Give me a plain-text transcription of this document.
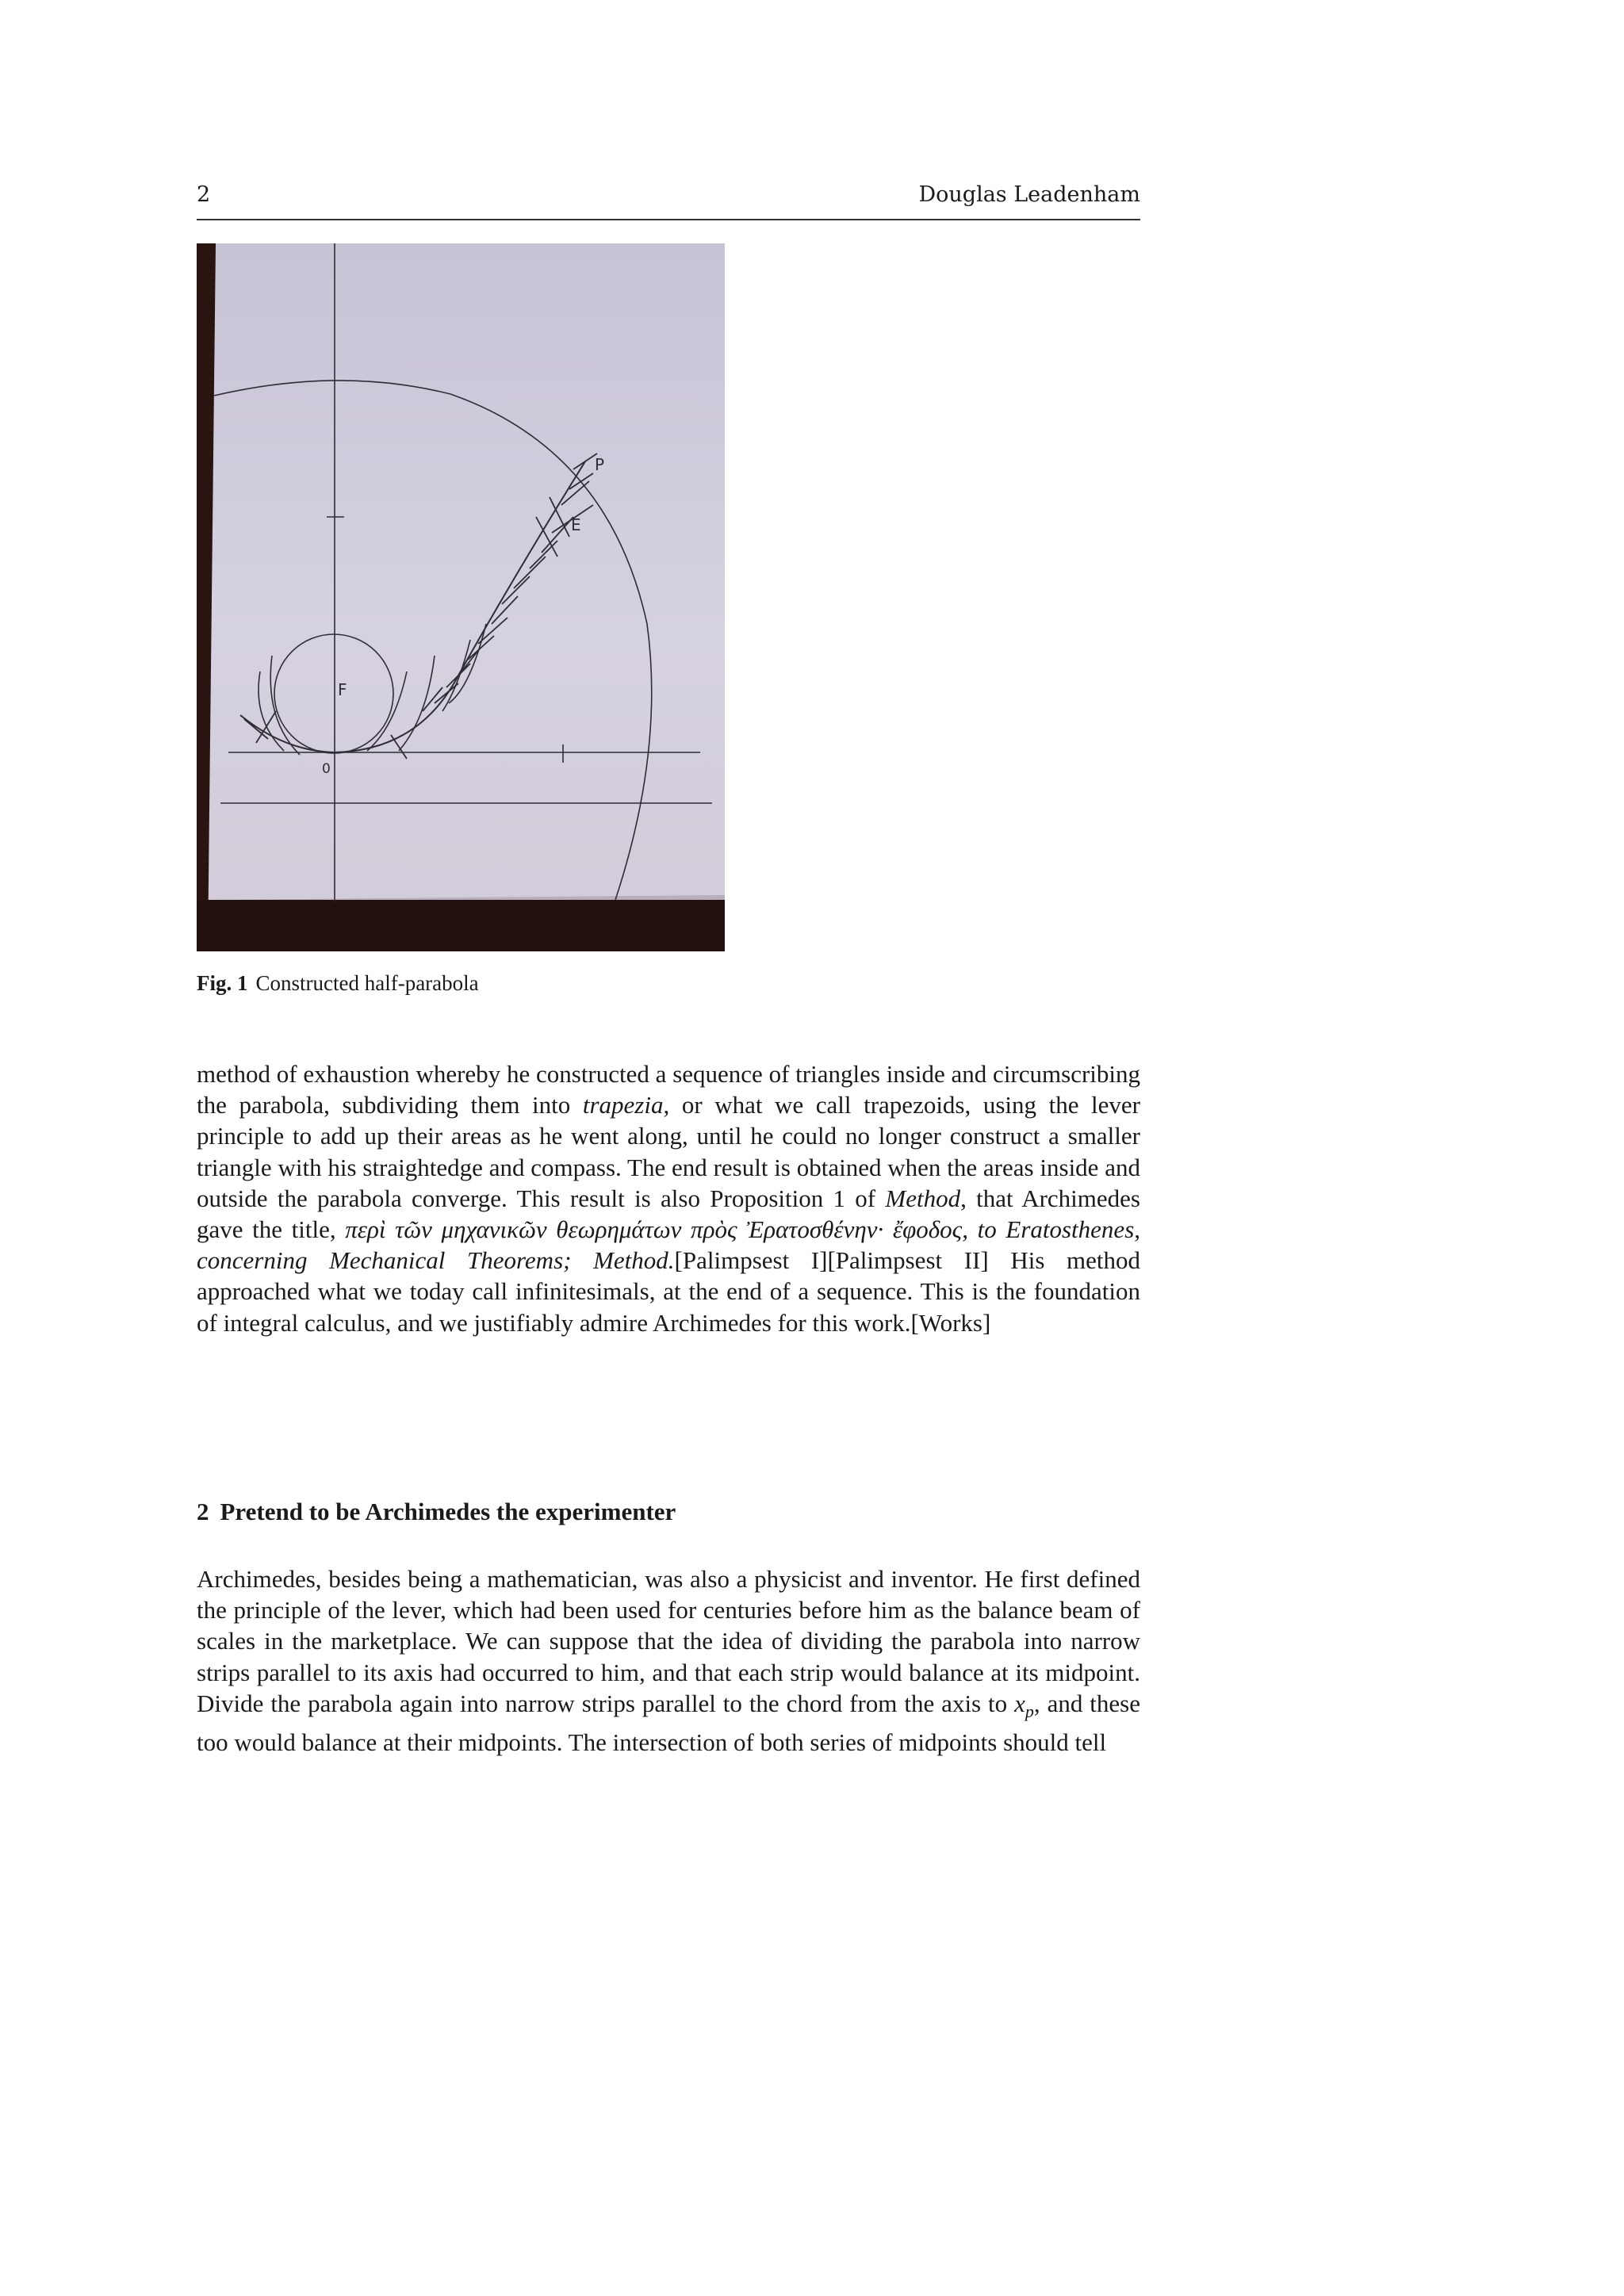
2	Douglas Leadenham
P
E
F
0
Fig. 1 Constructed half-parabola
method of exhaustion whereby he constructed a sequence of triangles inside and circumscribing the parabola, subdividing them into trapezia, or what we call trapezoids, using the lever principle to add up their areas as he went along, until he could no longer construct a smaller triangle with his straightedge and compass. The end result is obtained when the areas inside and outside the parabola converge. This result is also Proposition 1 of Method, that Archimedes gave the title, περὶ τῶν μηχανικῶν θεωρημάτων πρὸς Ἐρατοσθένην· ἔφοδος, to Eratosthenes, concerning Mechanical Theorems; Method.[Palimpsest I][Palimpsest II] His method approached what we today call infinitesimals, at the end of a sequence. This is the foundation of integral calculus, and we justifiably admire Archimedes for this work.[Works]
2 Pretend to be Archimedes the experimenter
Archimedes, besides being a mathematician, was also a physicist and inventor. He first defined the principle of the lever, which had been used for centuries before him as the balance beam of scales in the marketplace. We can suppose that the idea of dividing the parabola into narrow strips parallel to its axis had occurred to him, and that each strip would balance at its midpoint. Divide the parabola again into narrow strips parallel to the chord from the axis to $x_p$, and these too would balance at their midpoints. The intersection of both series of midpoints should tell
